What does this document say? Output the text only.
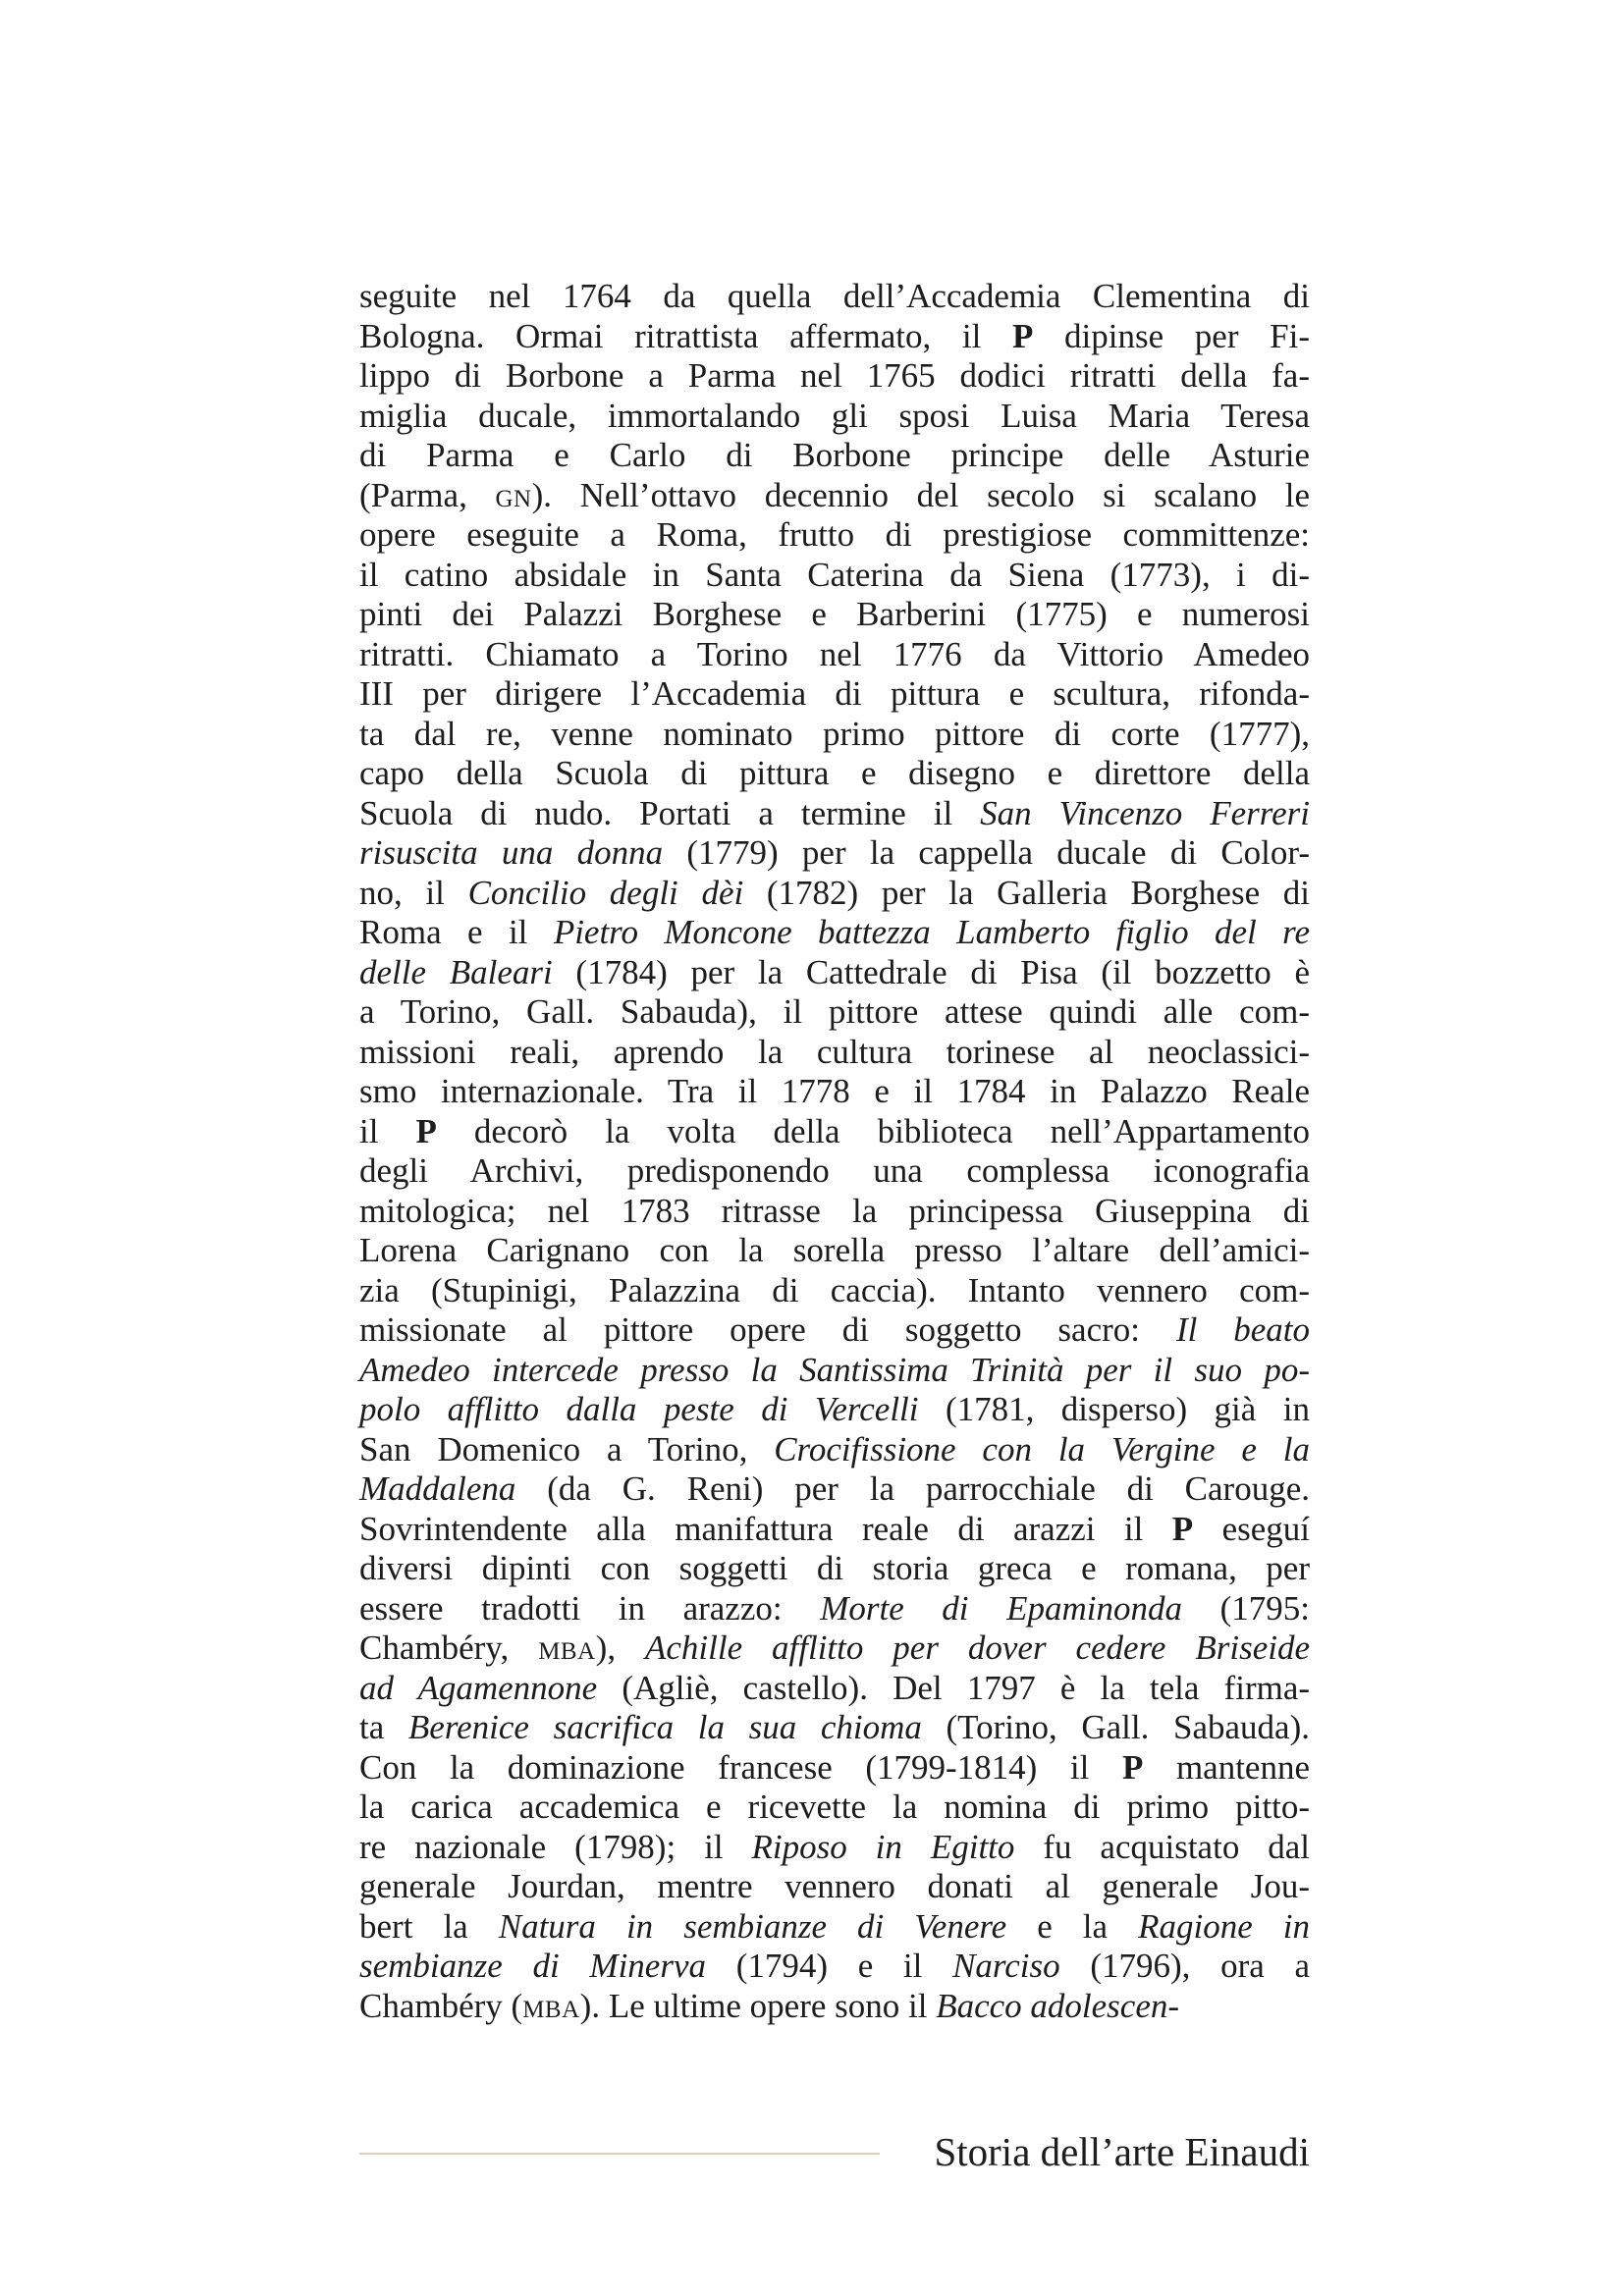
seguite nel 1764 da quella dell’Accademia Clementina di
Bologna. Ormai ritrattista affermato, il P dipinse per Fi-
lippo di Borbone a Parma nel 1765 dodici ritratti della fa-
miglia ducale, immortalando gli sposi Luisa Maria Teresa
di Parma e Carlo di Borbone principe delle Asturie
(Parma, gn). Nell’ottavo decennio del secolo si scalano le
opere eseguite a Roma, frutto di prestigiose committenze:
il catino absidale in Santa Caterina da Siena (1773), i di-
pinti dei Palazzi Borghese e Barberini (1775) e numerosi
ritratti. Chiamato a Torino nel 1776 da Vittorio Amedeo
III per dirigere l’Accademia di pittura e scultura, rifonda-
ta dal re, venne nominato primo pittore di corte (1777),
capo della Scuola di pittura e disegno e direttore della
Scuola di nudo. Portati a termine il San Vincenzo Ferreri
risuscita una donna (1779) per la cappella ducale di Color-
no, il Concilio degli dèi (1782) per la Galleria Borghese di
Roma e il Pietro Moncone battezza Lamberto figlio del re
delle Baleari (1784) per la Cattedrale di Pisa (il bozzetto è
a Torino, Gall. Sabauda), il pittore attese quindi alle com-
missioni reali, aprendo la cultura torinese al neoclassici-
smo internazionale. Tra il 1778 e il 1784 in Palazzo Reale
il P decorò la volta della biblioteca nell’Appartamento
degli Archivi, predisponendo una complessa iconografia
mitologica; nel 1783 ritrasse la principessa Giuseppina di
Lorena Carignano con la sorella presso l’altare dell’amici-
zia (Stupinigi, Palazzina di caccia). Intanto vennero com-
missionate al pittore opere di soggetto sacro: Il beato
Amedeo intercede presso la Santissima Trinità per il suo po-
polo afflitto dalla peste di Vercelli (1781, disperso) già in
San Domenico a Torino, Crocifissione con la Vergine e la
Maddalena (da G. Reni) per la parrocchiale di Carouge.
Sovrintendente alla manifattura reale di arazzi il P eseguí
diversi dipinti con soggetti di storia greca e romana, per
essere tradotti in arazzo: Morte di Epaminonda (1795:
Chambéry, mba), Achille afflitto per dover cedere Briseide
ad Agamennone (Agliè, castello). Del 1797 è la tela firma-
ta Berenice sacrifica la sua chioma (Torino, Gall. Sabauda).
Con la dominazione francese (1799-1814) il P mantenne
la carica accademica e ricevette la nomina di primo pitto-
re nazionale (1798); il Riposo in Egitto fu acquistato dal
generale Jourdan, mentre vennero donati al generale Jou-
bert la Natura in sembianze di Venere e la Ragione in
sembianze di Minerva (1794) e il Narciso (1796), ora a
Chambéry (mba). Le ultime opere sono il Bacco adolescen-
Storia dell’arte Einaudi
